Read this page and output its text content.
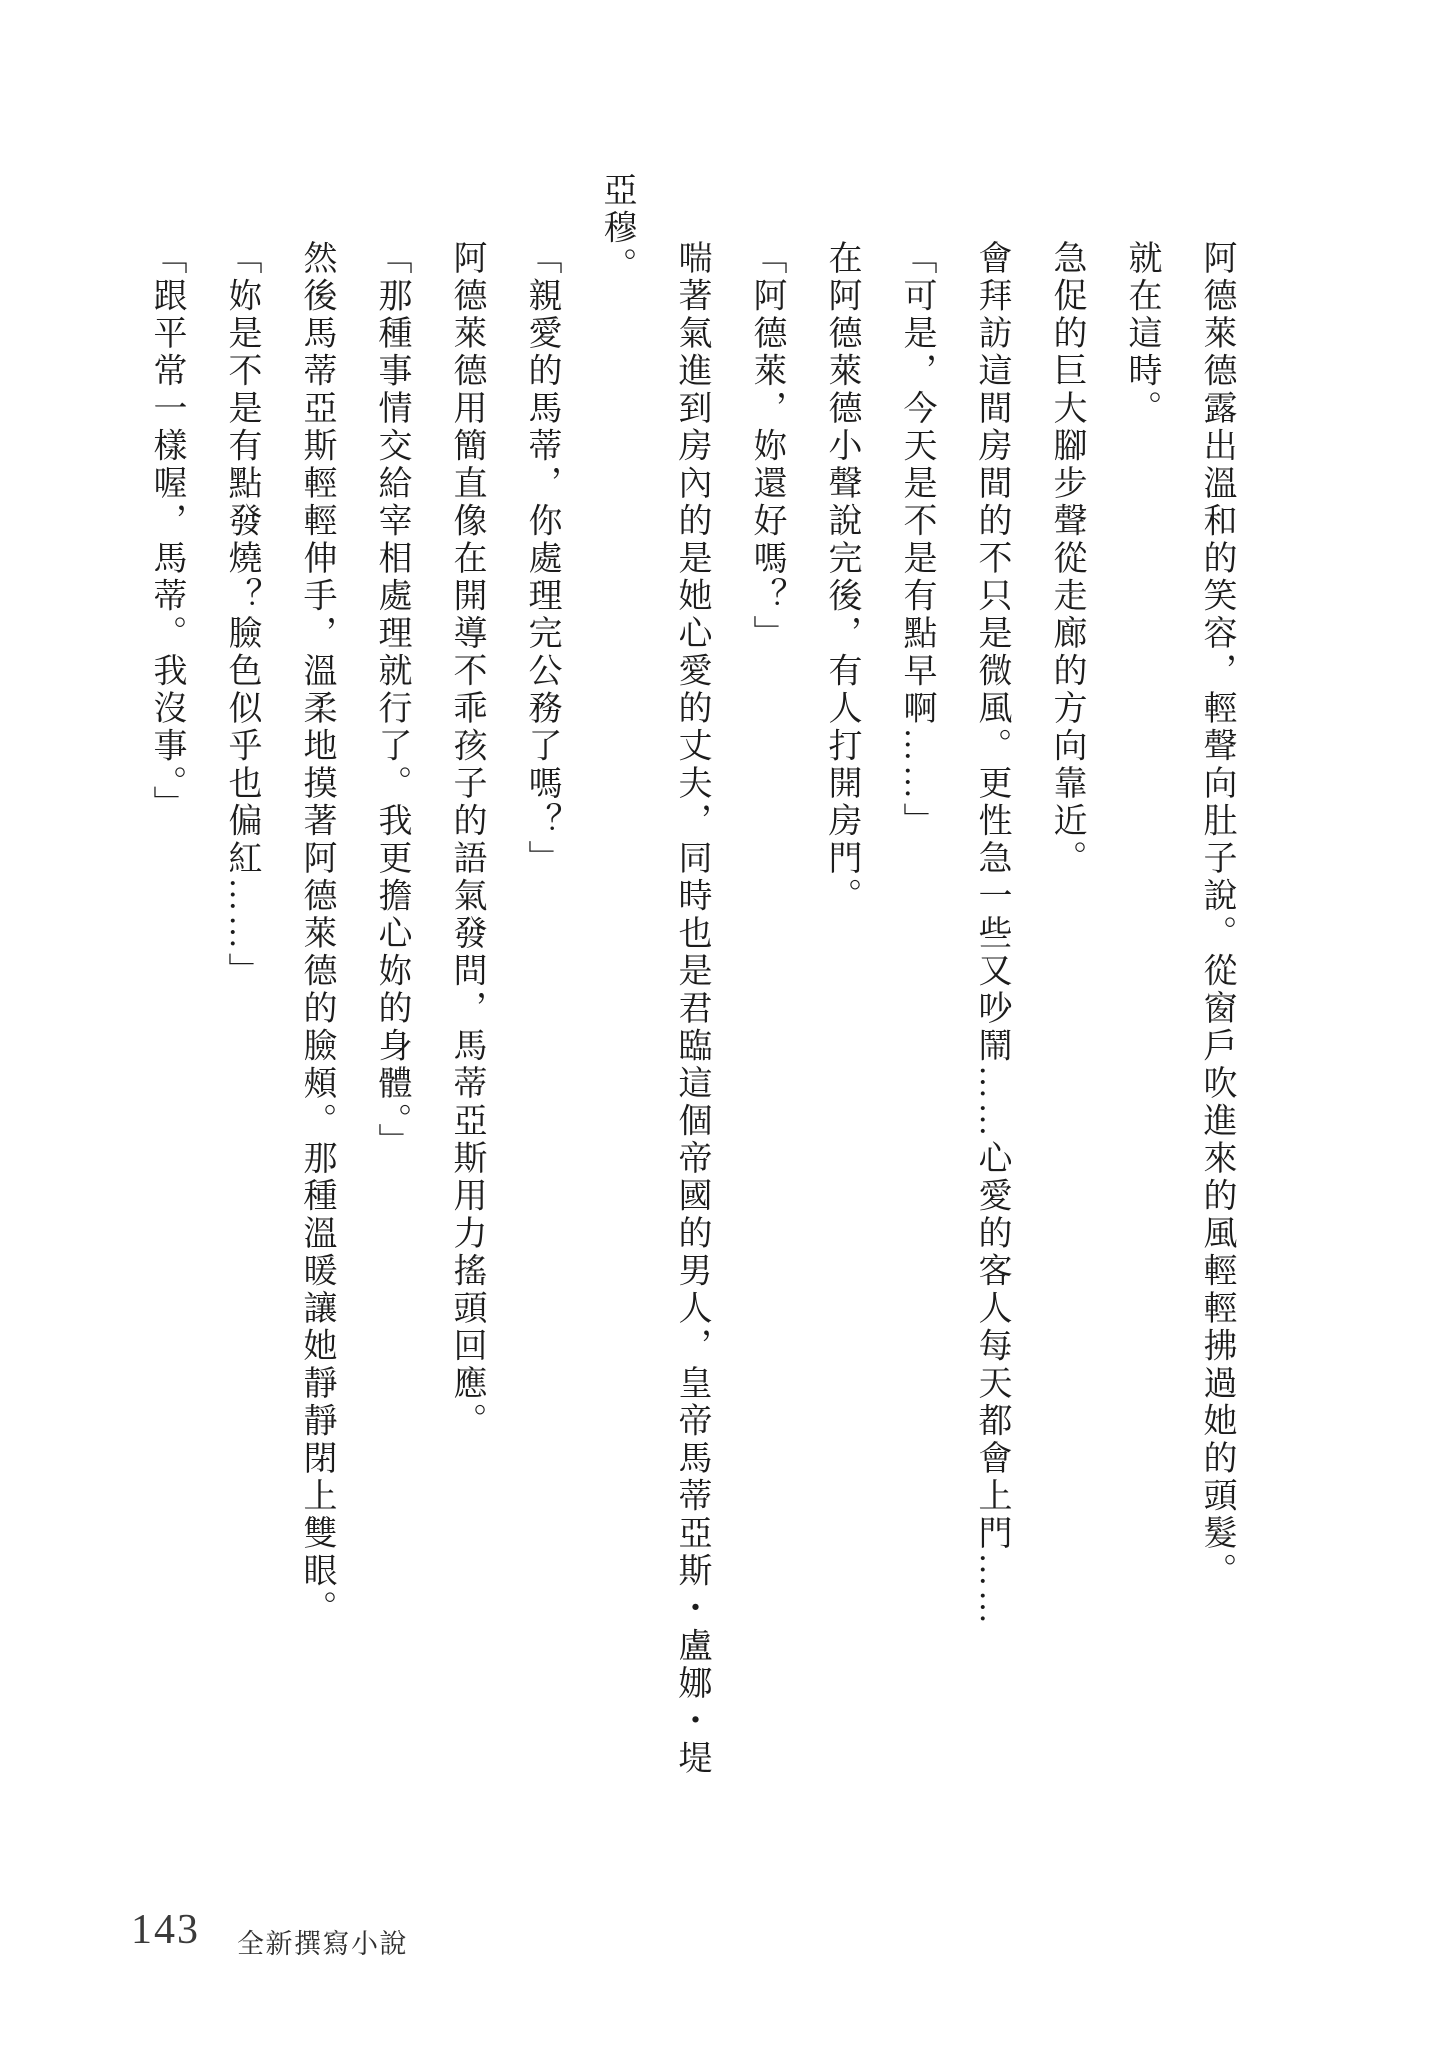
阿德萊德露出溫和的笑容，輕聲向肚子說。從窗戶吹進來的風輕輕拂過她的頭髮。

就在這時。

急促的巨大腳步聲從走廊的方向靠近。

會拜訪這間房間的不只是微風。更性急一些又吵鬧……心愛的客人每天都會上門……

「可是，今天是不是有點早啊……」

在阿德萊德小聲說完後，有人打開房門。

「阿德萊，妳還好嗎？」

喘著氣進到房內的是她心愛的丈夫，同時也是君臨這個帝國的男人，皇帝馬蒂亞斯・盧娜・堤亞穆。

「親愛的馬蒂，你處理完公務了嗎？」

阿德萊德用簡直像在開導不乖孩子的語氣發問，馬蒂亞斯用力搖頭回應。

「那種事情交給宰相處理就行了。我更擔心妳的身體。」

然後馬蒂亞斯輕輕伸手，溫柔地摸著阿德萊德的臉頰。那種溫暖讓她靜靜閉上雙眼。

「妳是不是有點發燒？臉色似乎也偏紅……」

「跟平常一樣喔，馬蒂。我沒事。」

143 全新撰寫小說
